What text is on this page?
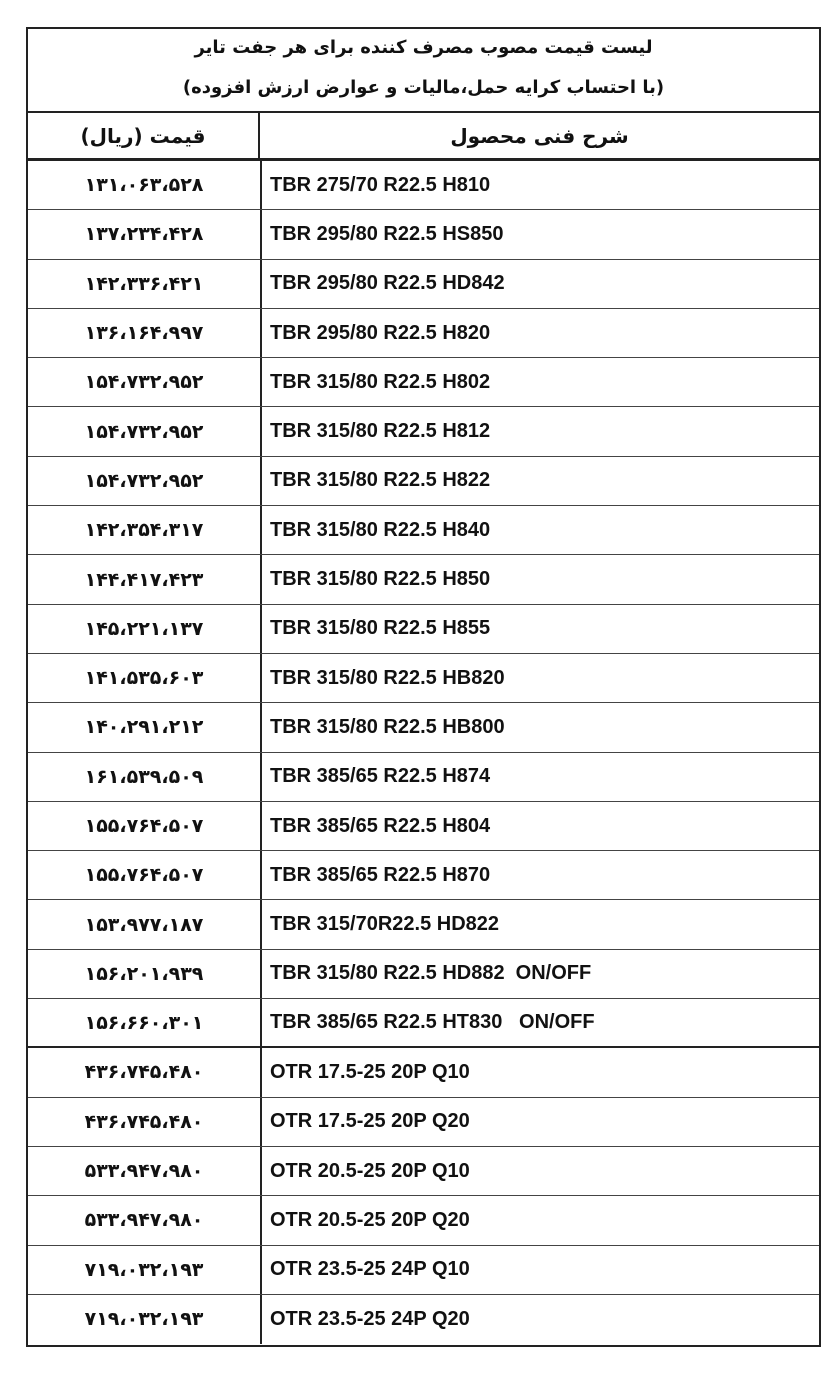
لیست قیمت مصوب مصرف کننده برای هر جفت تایر
(با احتساب کرایه حمل،مالیات و عوارض ارزش افزوده)
شرح فنی محصول
قیمت (ریال)
۱۳۱،۰۶۳،۵۲۸	TBR 275/70 R22.5 H810
۱۳۷،۲۳۴،۴۲۸	TBR 295/80 R22.5 HS850
۱۴۲،۳۳۶،۴۲۱	TBR 295/80 R22.5 HD842
۱۳۶،۱۶۴،۹۹۷	TBR 295/80 R22.5 H820
۱۵۴،۷۳۲،۹۵۲	TBR 315/80 R22.5 H802
۱۵۴،۷۳۲،۹۵۲	TBR 315/80 R22.5 H812
۱۵۴،۷۳۲،۹۵۲	TBR 315/80 R22.5 H822
۱۴۲،۳۵۴،۳۱۷	TBR 315/80 R22.5 H840
۱۴۴،۴۱۷،۴۲۳	TBR 315/80 R22.5 H850
۱۴۵،۲۲۱،۱۳۷	TBR 315/80 R22.5 H855
۱۴۱،۵۳۵،۶۰۳	TBR 315/80 R22.5 HB820
۱۴۰،۲۹۱،۲۱۲	TBR 315/80 R22.5 HB800
۱۶۱،۵۳۹،۵۰۹	TBR 385/65 R22.5 H874
۱۵۵،۷۶۴،۵۰۷	TBR 385/65 R22.5 H804
۱۵۵،۷۶۴،۵۰۷	TBR 385/65 R22.5 H870
۱۵۳،۹۷۷،۱۸۷	TBR 315/70R22.5 HD822
۱۵۶،۲۰۱،۹۳۹	TBR 315/80 R22.5 HD882  ON/OFF
۱۵۶،۶۶۰،۳۰۱	TBR 385/65 R22.5 HT830   ON/OFF
۴۳۶،۷۴۵،۴۸۰	OTR 17.5-25 20P Q10
۴۳۶،۷۴۵،۴۸۰	OTR 17.5-25 20P Q20
۵۳۳،۹۴۷،۹۸۰	OTR 20.5-25 20P Q10
۵۳۳،۹۴۷،۹۸۰	OTR 20.5-25 20P Q20
۷۱۹،۰۳۲،۱۹۳	OTR 23.5-25 24P Q10
۷۱۹،۰۳۲،۱۹۳	OTR 23.5-25 24P Q20
